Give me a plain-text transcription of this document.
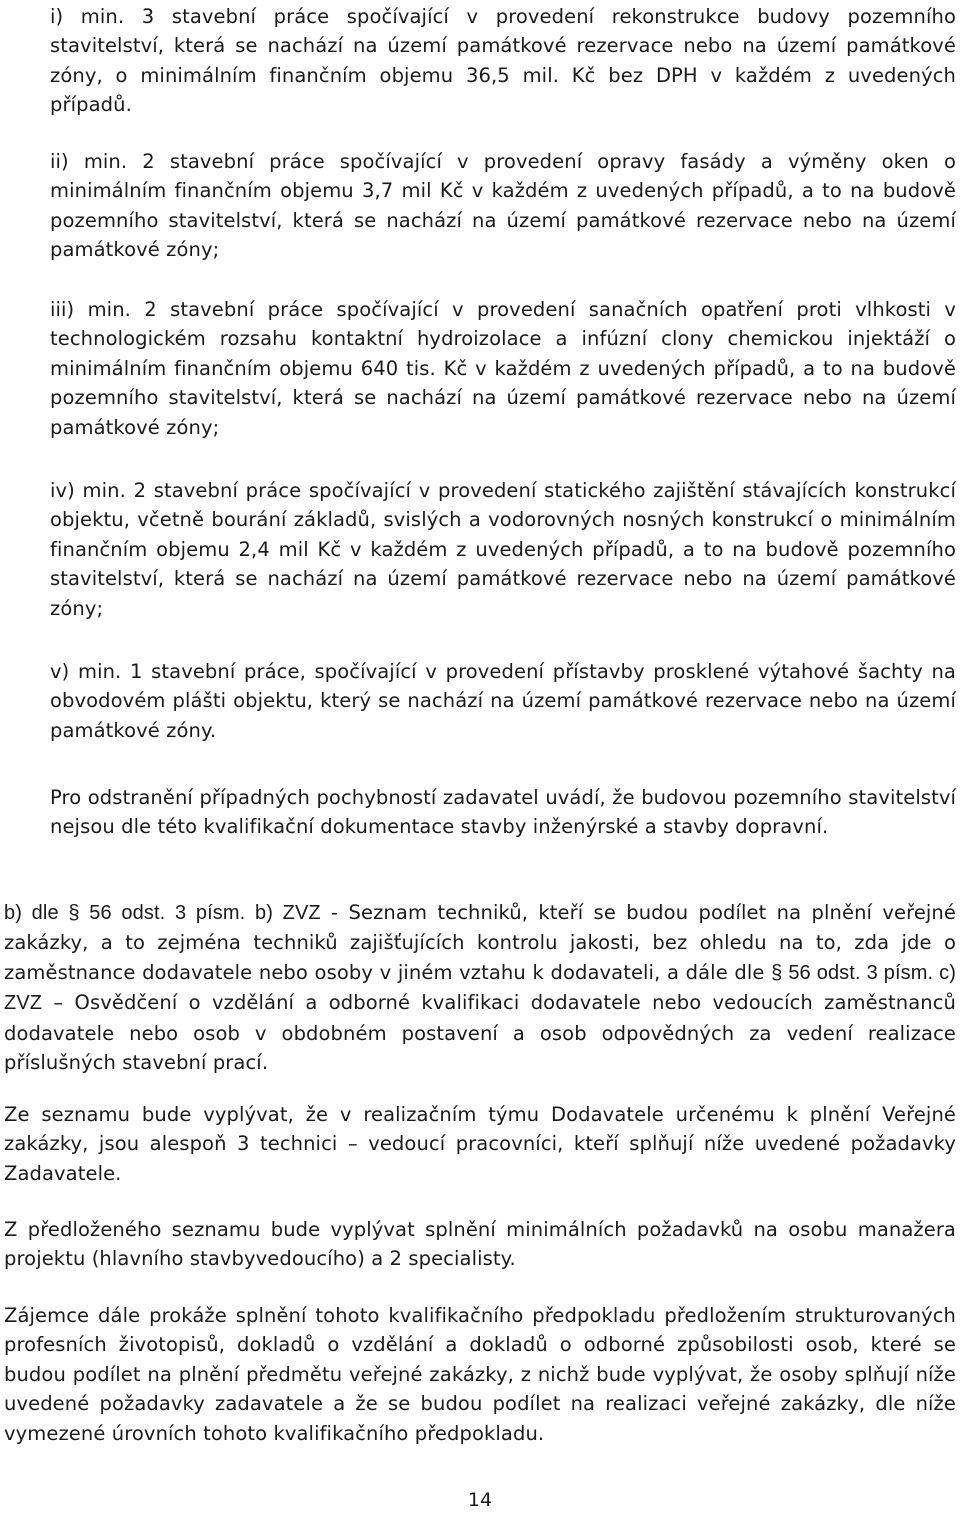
i) min. 3 stavební práce spočívající v provedení rekonstrukce budovy pozemního stavitelství, která se nachází na území památkové rezervace nebo na území památkové zóny, o minimálním finančním objemu 36,5 mil. Kč bez DPH v každém z uvedených případů.

ii) min. 2 stavební práce spočívající v provedení opravy fasády a výměny oken o minimálním finančním objemu 3,7 mil Kč v každém z uvedených případů, a to na budově pozemního stavitelství, která se nachází na území památkové rezervace nebo na území památkové zóny;

iii) min. 2 stavební práce spočívající v provedení sanačních opatření proti vlhkosti v technologickém rozsahu kontaktní hydroizolace a infúzní clony chemickou injektáží o minimálním finančním objemu 640 tis. Kč v každém z uvedených případů, a to na budově pozemního stavitelství, která se nachází na území památkové rezervace nebo na území památkové zóny;

iv) min. 2 stavební práce spočívající v provedení statického zajištění stávajících konstrukcí objektu, včetně bourání základů, svislých a vodorovných nosných konstrukcí o minimálním finančním objemu 2,4 mil Kč v každém z uvedených případů, a to na budově pozemního stavitelství, která se nachází na území památkové rezervace nebo na území památkové zóny;

v) min. 1 stavební práce, spočívající v provedení přístavby prosklené výtahové šachty na obvodovém plášti objektu, který se nachází na území památkové rezervace nebo na území památkové zóny.

Pro odstranění případných pochybností zadavatel uvádí, že budovou pozemního stavitelství nejsou dle této kvalifikační dokumentace stavby inženýrské a stavby dopravní.

b) dle § 56 odst. 3 písm. b) ZVZ - Seznam techniků, kteří se budou podílet na plnění veřejné zakázky, a to zejména techniků zajišťujících kontrolu jakosti, bez ohledu na to, zda jde o zaměstnance dodavatele nebo osoby v jiném vztahu k dodavateli, a dále dle § 56 odst. 3 písm. c) ZVZ – Osvědčení o vzdělání a odborné kvalifikaci dodavatele nebo vedoucích zaměstnanců dodavatele nebo osob v obdobném postavení a osob odpovědných za vedení realizace příslušných stavební prací.

Ze seznamu bude vyplývat, že v realizačním týmu Dodavatele určenému k plnění Veřejné zakázky, jsou alespoň 3 technici – vedoucí pracovníci, kteří splňují níže uvedené požadavky Zadavatele.

Z předloženého seznamu bude vyplývat splnění minimálních požadavků na osobu manažera projektu (hlavního stavbyvedoucího) a 2 specialisty.

Zájemce dále prokáže splnění tohoto kvalifikačního předpokladu předložením strukturovaných profesních životopisů, dokladů o vzdělání a dokladů o odborné způsobilosti osob, které se budou podílet na plnění předmětu veřejné zakázky, z nichž bude vyplývat, že osoby splňují níže uvedené požadavky zadavatele a že se budou podílet na realizaci veřejné zakázky, dle níže vymezené úrovních tohoto kvalifikačního předpokladu.

14
